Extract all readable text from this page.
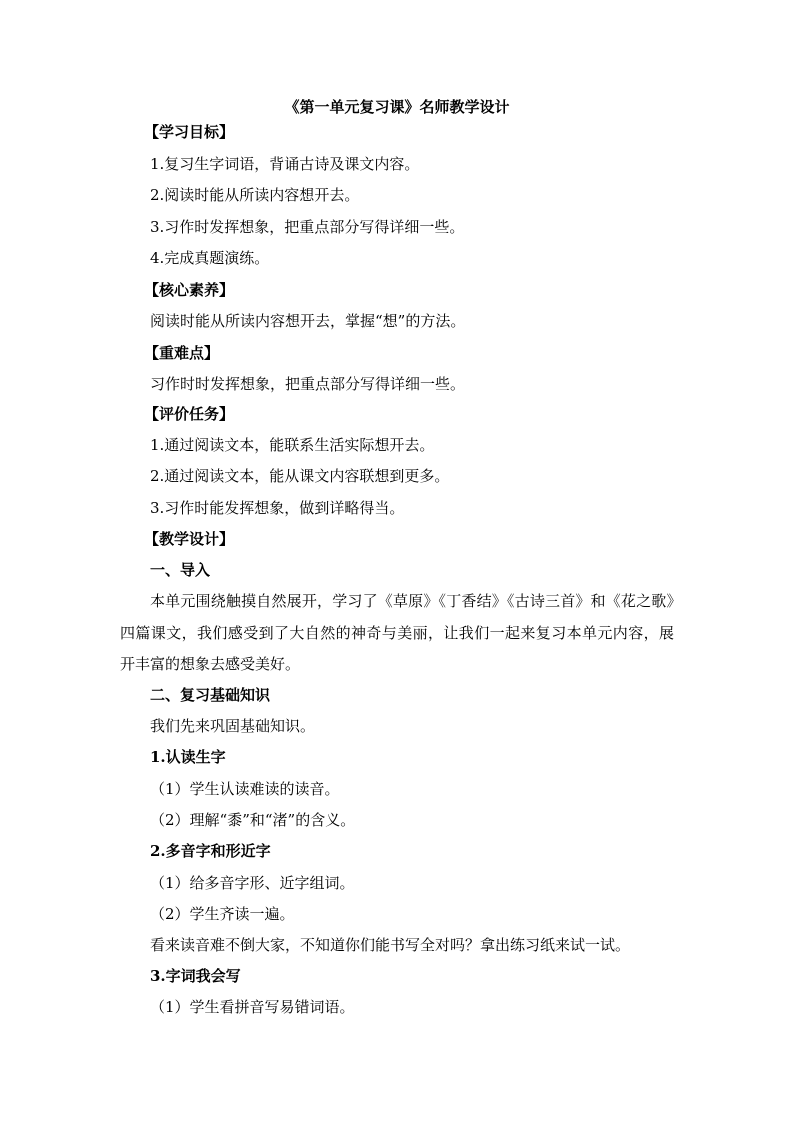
《第一单元复习课》名师教学设计
【学习目标】
1.复习生字词语，背诵古诗及课文内容。
2.阅读时能从所读内容想开去。
3.习作时发挥想象，把重点部分写得详细一些。
4.完成真题演练。
【核心素养】
阅读时能从所读内容想开去，掌握“想”的方法。
【重难点】
习作时时发挥想象，把重点部分写得详细一些。
【评价任务】
1.通过阅读文本，能联系生活实际想开去。
2.通过阅读文本，能从课文内容联想到更多。
3.习作时能发挥想象，做到详略得当。
【教学设计】
一、导入

本单元围绕触摸自然展开，学习了《草原》《丁香结》《古诗三首》和《花之歌》四篇课文，我们感受到了大自然的神奇与美丽，让我们一起来复习本单元内容，展开丰富的想象去感受美好。

二、复习基础知识
我们先来巩固基础知识。
1.认读生字
（1）学生认读难读的读音。
（2）理解“黍”和“渚”的含义。
2.多音字和形近字
（1）给多音字形、近字组词。
（2）学生齐读一遍。
看来读音难不倒大家，不知道你们能书写全对吗？拿出练习纸来试一试。
3.字词我会写
（1）学生看拼音写易错词语。
